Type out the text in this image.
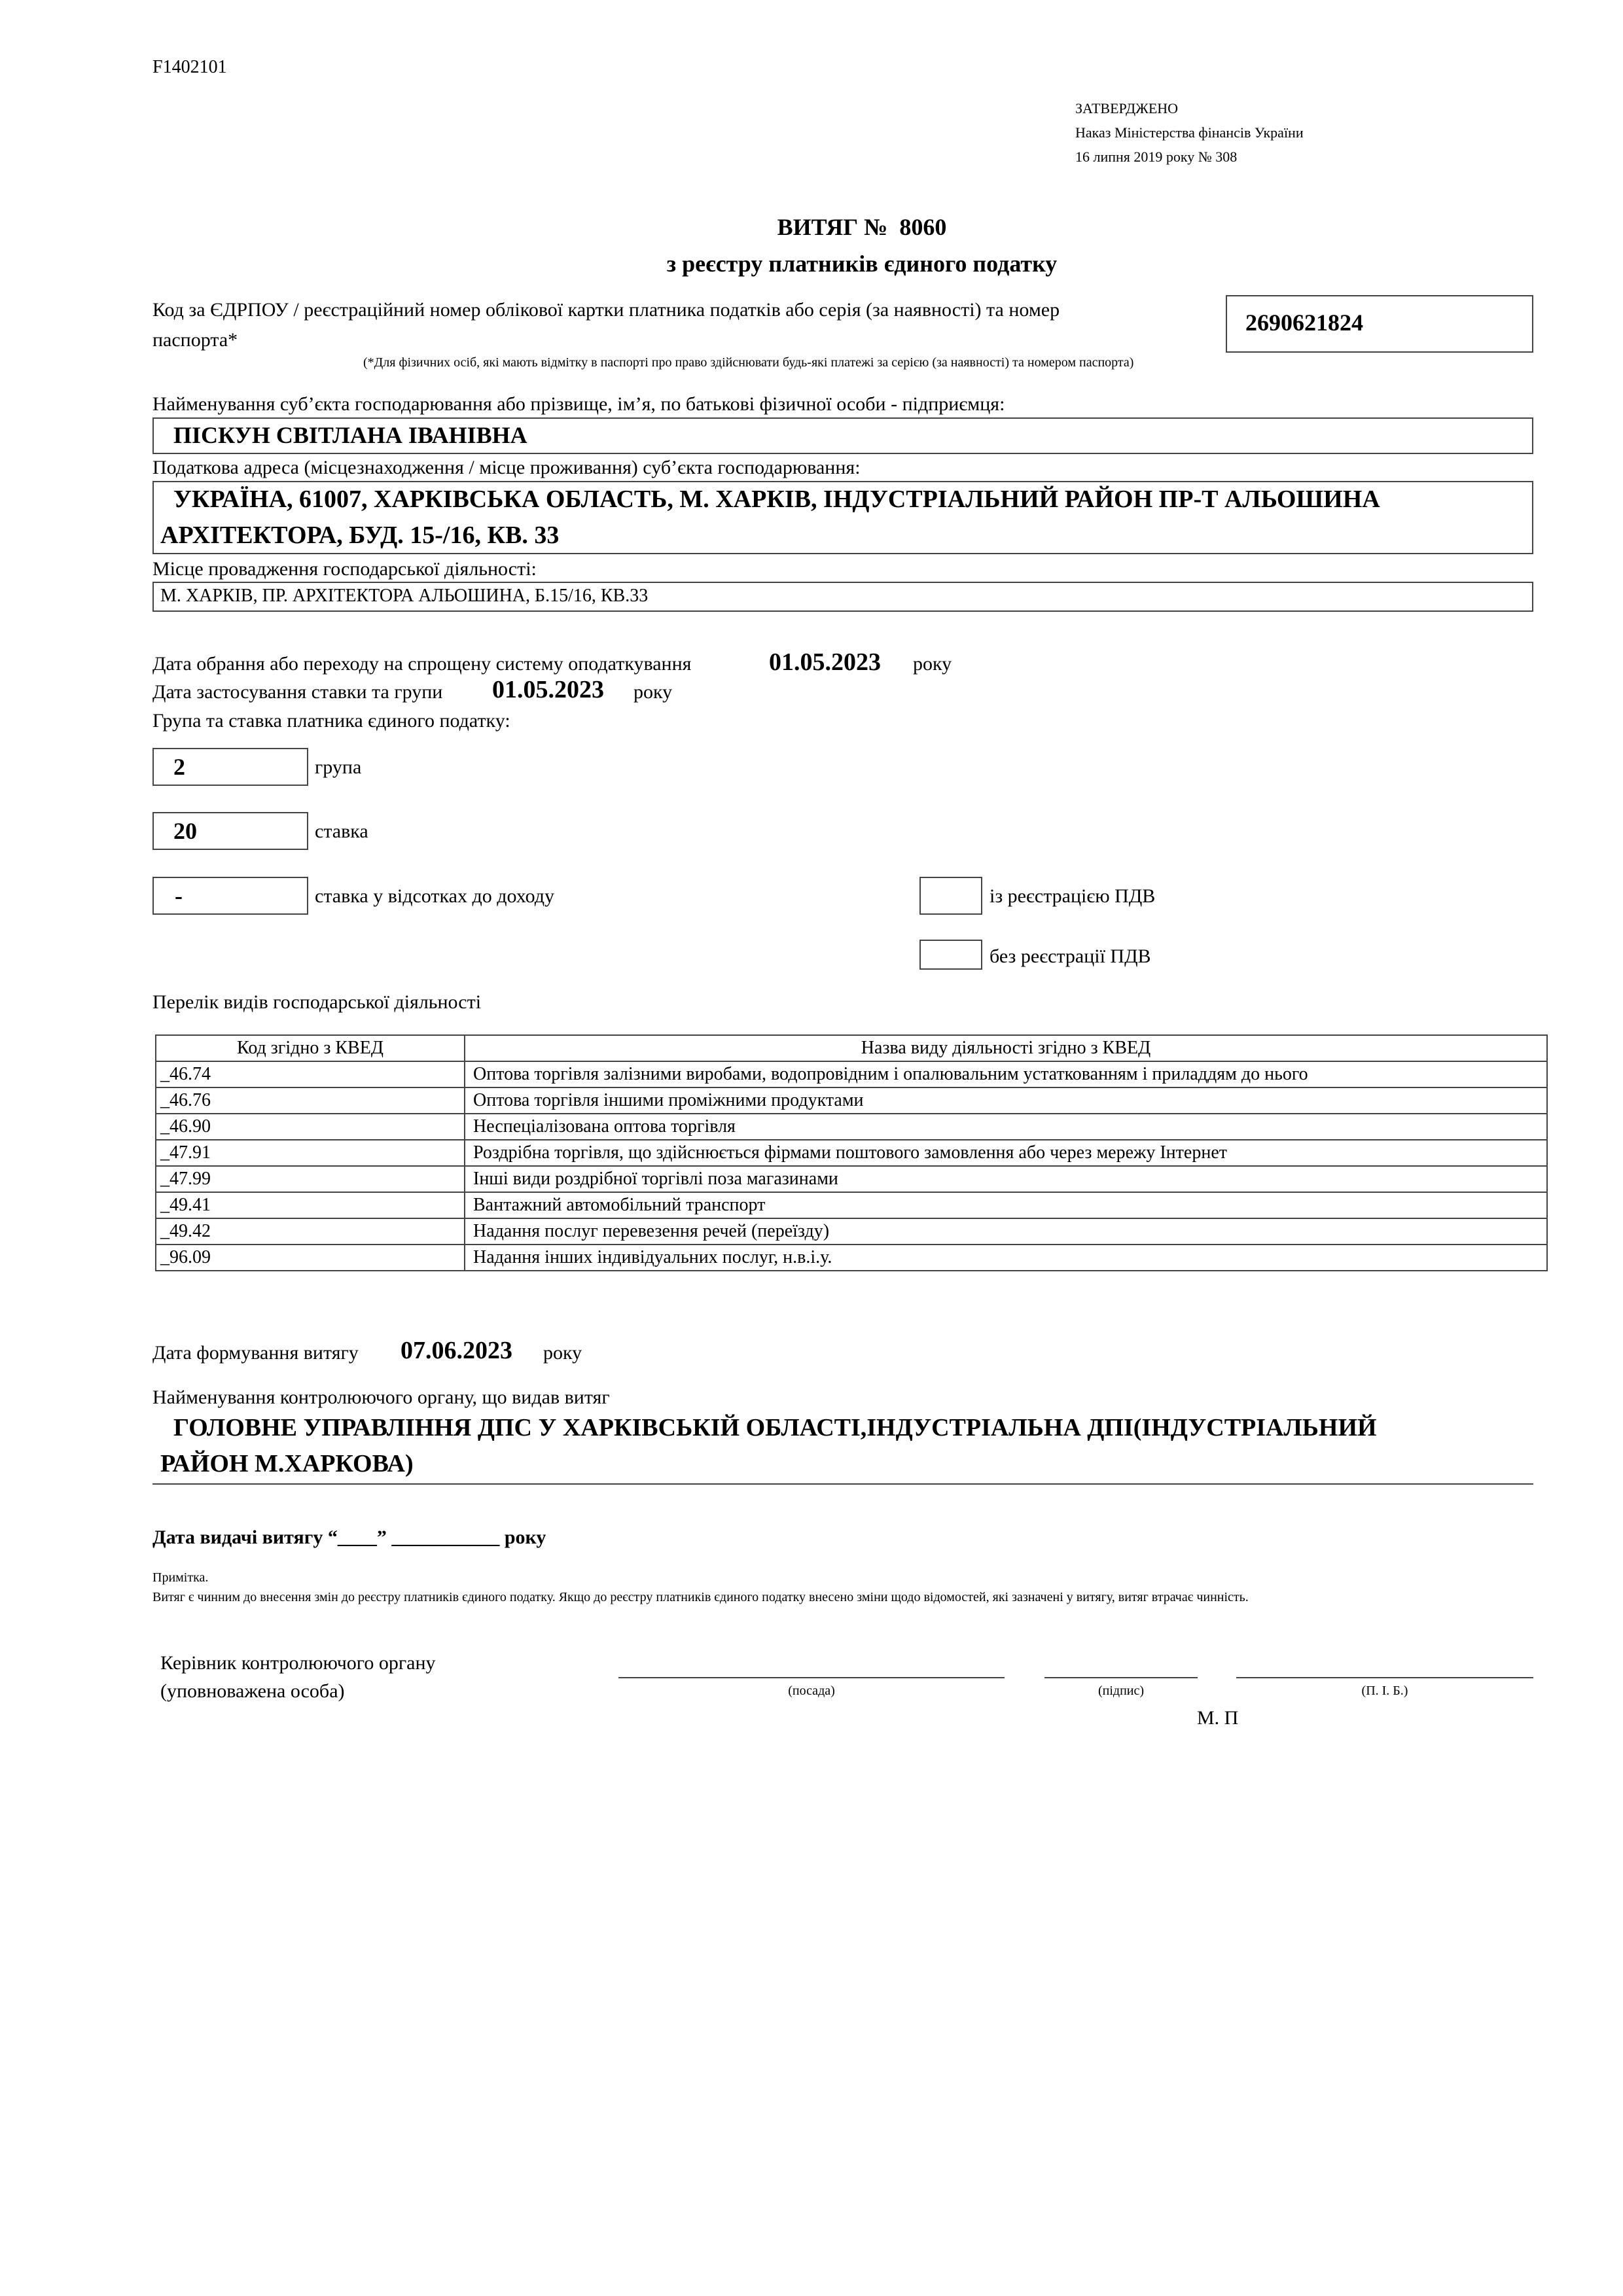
F1402101
ЗАТВЕРДЖЕНО
Наказ Міністерства фінансів України
16 липня 2019 року № 308
ВИТЯГ №  8060
з реєстру платників єдиного податку
Код за ЄДРПОУ / реєстраційний номер облікової картки платника податків або серія (за наявності) та номер
паспорта*
2690621824
(*Для фізичних осіб, які мають відмітку в паспорті про право здійснювати будь-які платежі за серією (за наявності) та номером паспорта)
Найменування суб’єкта господарювання або прізвище, ім’я, по батькові фізичної особи - підприємця:
ПІСКУН СВІТЛАНА ІВАНІВНА
Податкова адреса (місцезнаходження / місце проживання) суб’єкта господарювання:
УКРАЇНА, 61007, ХАРКІВСЬКА ОБЛАСТЬ, М. ХАРКІВ, ІНДУСТРІАЛЬНИЙ РАЙОН ПР-Т АЛЬОШИНА
АРХІТЕКТОРА, БУД. 15-/16, КВ. 33
Місце провадження господарської діяльності:
М. ХАРКІВ, ПР. АРХІТЕКТОРА АЛЬОШИНА, Б.15/16, КВ.33
Дата обрання або переходу на спрощену систему оподаткування	01.05.2023 року
Дата застосування ставки та групи 01.05.2023 року
Група та ставка платника єдиного податку:
2	група
20	ставка
-	ставка у відсотках до доходу	із реєстрацією ПДВ
без реєстрації ПДВ
Перелік видів господарської діяльності
Код згідно з КВЕД	Назва виду діяльності згідно з КВЕД
_46.74	Оптова торгівля залізними виробами, водопровідним і опалювальним устаткованням і приладдям до нього
_46.76	Оптова торгівля іншими проміжними продуктами
_46.90	Неспеціалізована оптова торгівля
_47.91	Роздрібна торгівля, що здійснюється фірмами поштового замовлення або через мережу Інтернет
_47.99	Інші види роздрібної торгівлі поза магазинами
_49.41	Вантажний автомобільний транспорт
_49.42	Надання послуг перевезення речей (переїзду)
_96.09	Надання інших індивідуальних послуг, н.в.і.у.
Дата формування витягу 07.06.2023 року
Найменування контролюючого органу, що видав витяг
ГОЛОВНЕ УПРАВЛІННЯ ДПС У ХАРКІВСЬКІЙ ОБЛАСТІ,ІНДУСТРІАЛЬНА ДПІ(ІНДУСТРІАЛЬНИЙ
РАЙОН М.ХАРКОВА)
Дата видачі витягу “____” ___________ року
Примітка.
Витяг є чинним до внесення змін до реєстру платників єдиного податку. Якщо до реєстру платників єдиного податку внесено зміни щодо відомостей, які зазначені у витягу, витяг втрачає чинність.
Керівник контролюючого органу
(уповноважена особа)	(посада)	(підпис)	(П. І. Б.)
М. П
